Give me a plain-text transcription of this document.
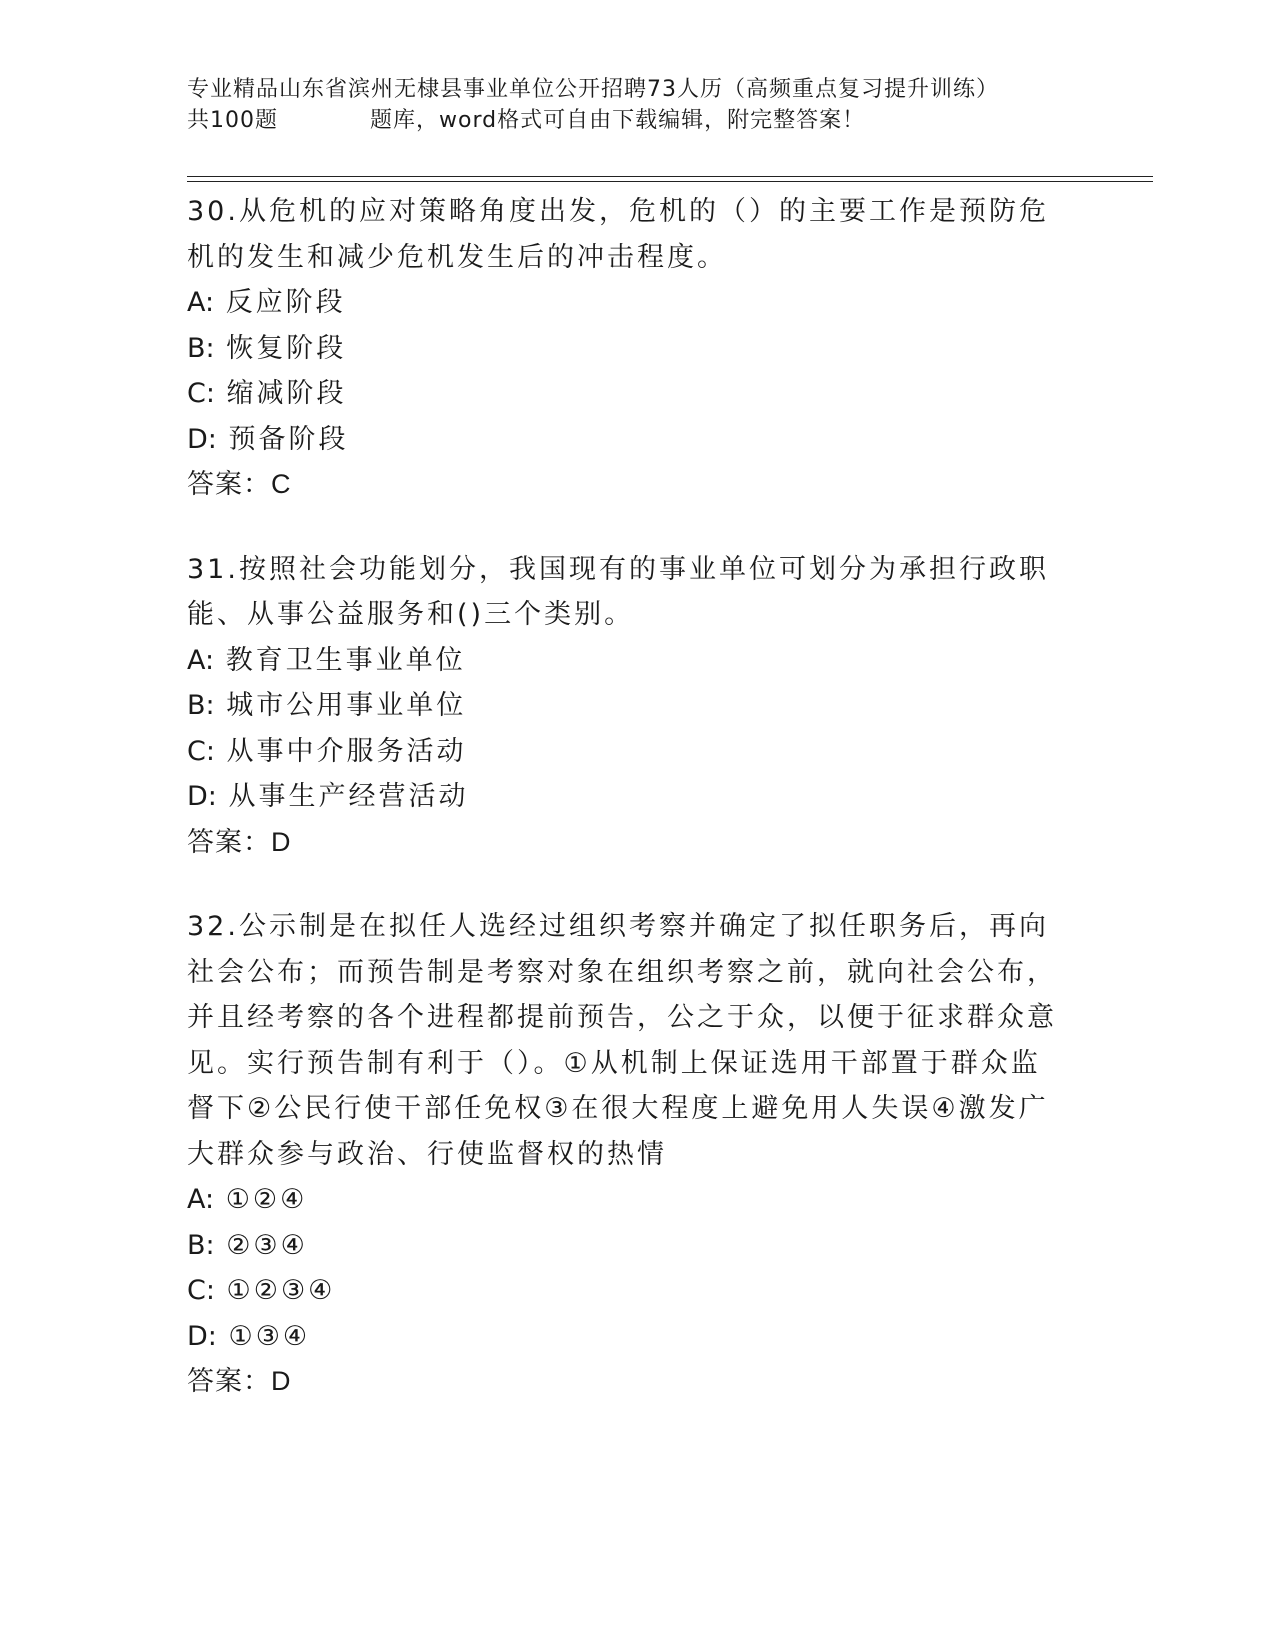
专业精品山东省滨州无棣县事业单位公开招聘73人历（高频重点复习提升训练）
共100题	题库，word格式可自由下载编辑，附完整答案！

30.从危机的应对策略角度出发，危机的（）的主要工作是预防危机的发生和减少危机发生后的冲击程度。

A: 反应阶段

B: 恢复阶段

C: 缩减阶段

D: 预备阶段

答案：C

31.按照社会功能划分，我国现有的事业单位可划分为承担行政职能、从事公益服务和()三个类别。

A: 教育卫生事业单位

B: 城市公用事业单位

C: 从事中介服务活动

D: 从事生产经营活动

答案：D

32.公示制是在拟任人选经过组织考察并确定了拟任职务后，再向社会公布；而预告制是考察对象在组织考察之前，就向社会公布，并且经考察的各个进程都提前预告，公之于众，以便于征求群众意见。实行预告制有利于（）。①从机制上保证选用干部置于群众监督下②公民行使干部任免权③在很大程度上避免用人失误④激发广大群众参与政治、行使监督权的热情

A: ①②④

B: ②③④

C: ①②③④

D: ①③④

答案：D
